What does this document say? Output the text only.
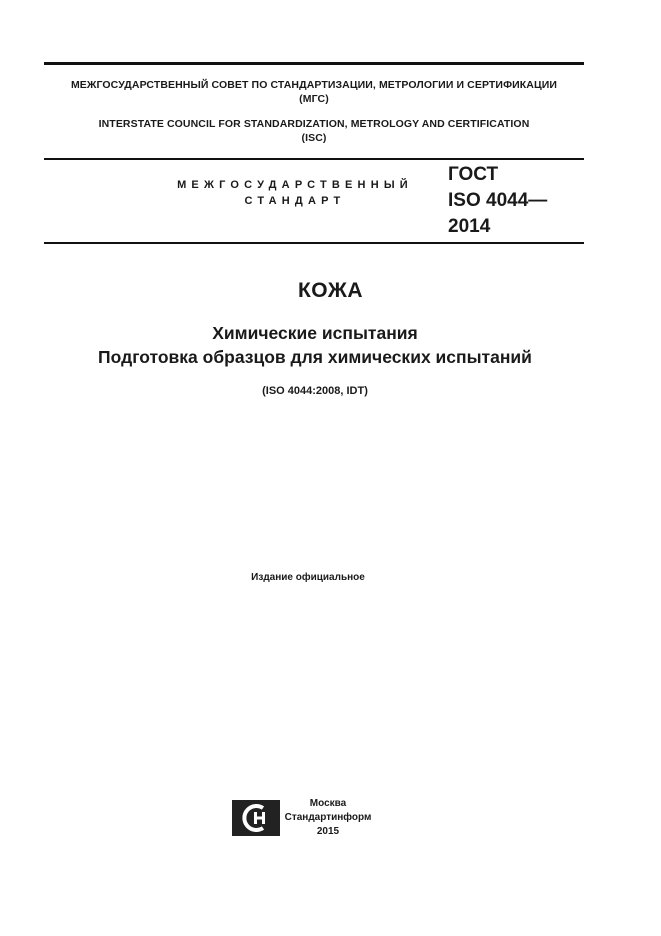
МЕЖГОСУДАРСТВЕННЫЙ СОВЕТ ПО СТАНДАРТИЗАЦИИ, МЕТРОЛОГИИ И СЕРТИФИКАЦИИ
(МГС)
INTERSTATE COUNCIL FOR STANDARDIZATION, METROLOGY AND CERTIFICATION
(ISC)
МЕЖГОСУДАРСТВЕННЫЙ
СТАНДАРТ
ГОСТ
ISO 4044—
2014
КОЖА
Химические испытания
Подготовка образцов для химических испытаний
(ISO 4044:2008, IDT)
Издание официальное
Москва
Стандартинформ
2015
